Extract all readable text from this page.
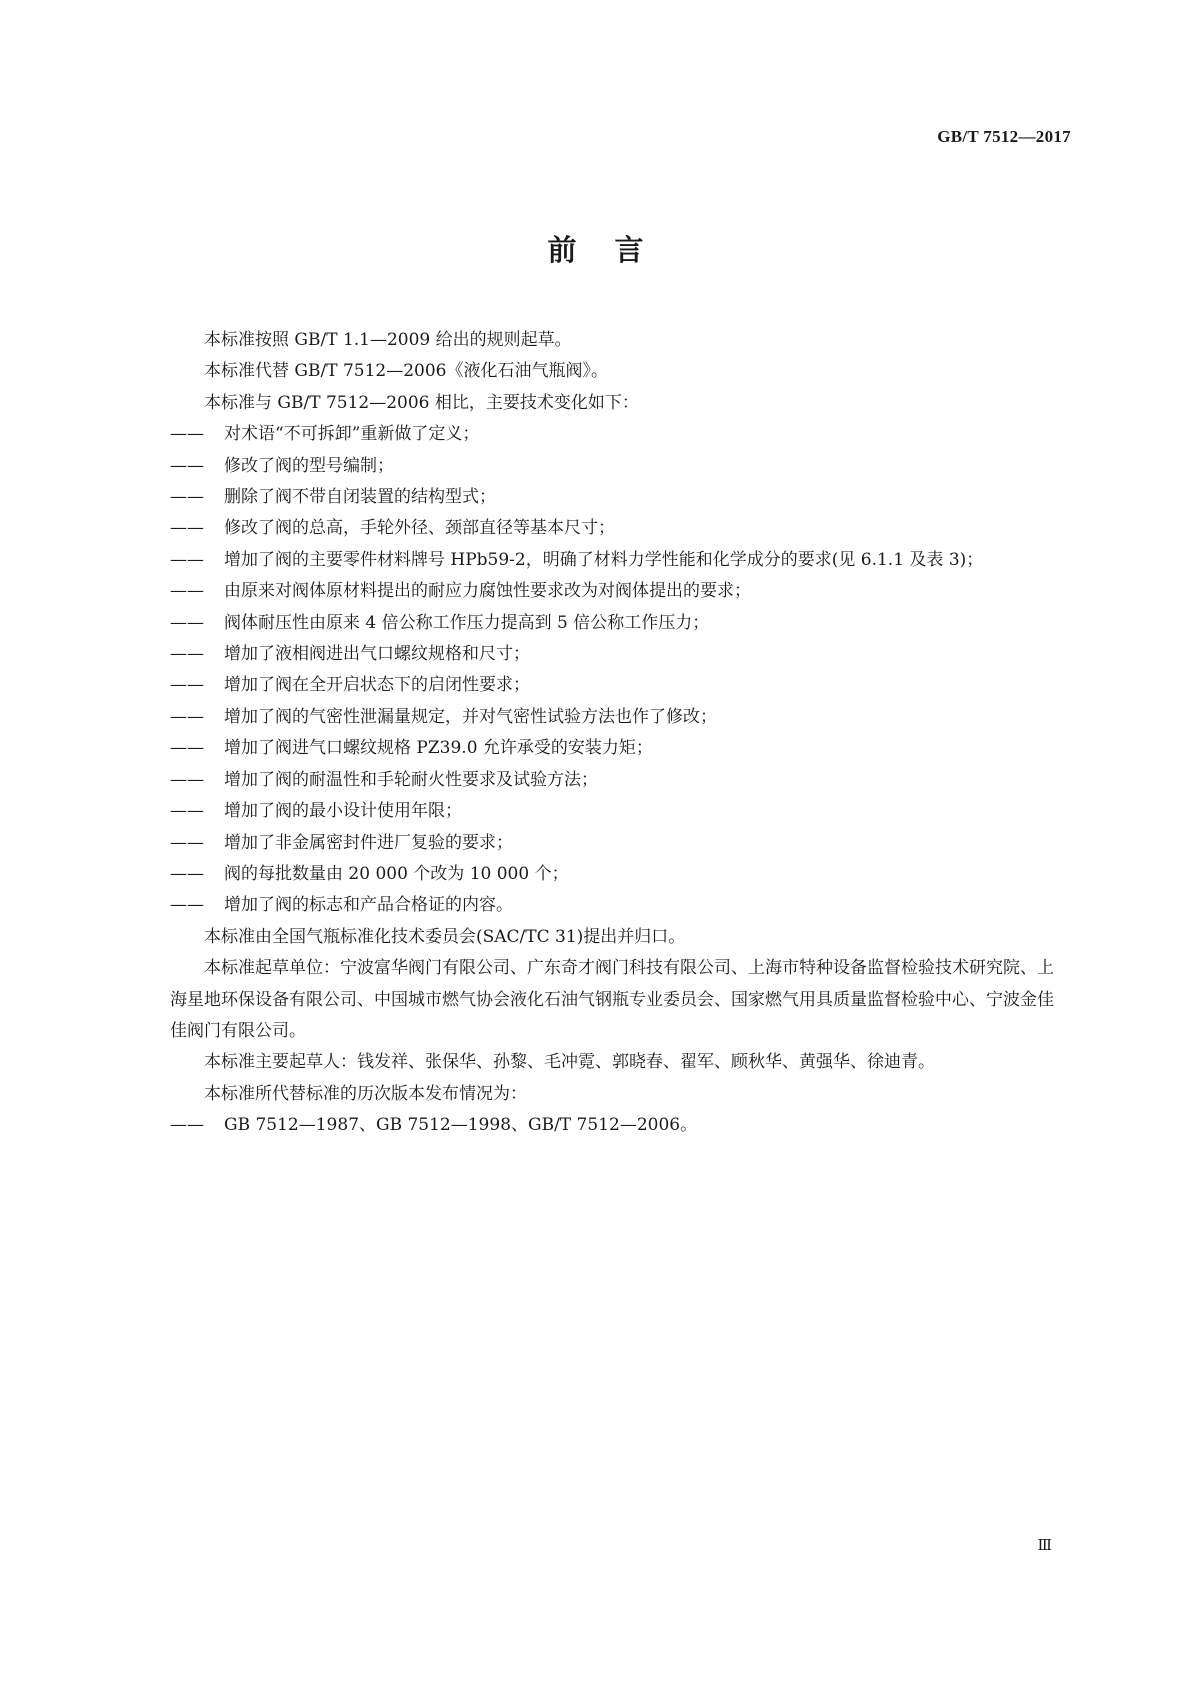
GB/T 7512—2017
前言

本标准按照 GB/T 1.1—2009 给出的规则起草。

本标准代替 GB/T 7512—2006《液化石油气瓶阀》。

本标准与 GB/T 7512—2006 相比，主要技术变化如下：

—— 对术语“不可拆卸”重新做了定义；
—— 修改了阀的型号编制；
—— 删除了阀不带自闭装置的结构型式；
—— 修改了阀的总高，手轮外径、颈部直径等基本尺寸；
—— 增加了阀的主要零件材料牌号 HPb59-2，明确了材料力学性能和化学成分的要求(见 6.1.1 及表 3)；
—— 由原来对阀体原材料提出的耐应力腐蚀性要求改为对阀体提出的要求；
—— 阀体耐压性由原来 4 倍公称工作压力提高到 5 倍公称工作压力；
—— 增加了液相阀进出气口螺纹规格和尺寸；
—— 增加了阀在全开启状态下的启闭性要求；
—— 增加了阀的气密性泄漏量规定，并对气密性试验方法也作了修改；
—— 增加了阀进气口螺纹规格 PZ39.0 允许承受的安装力矩；
—— 增加了阀的耐温性和手轮耐火性要求及试验方法；
—— 增加了阀的最小设计使用年限；
—— 增加了非金属密封件进厂复验的要求；
—— 阀的每批数量由 20 000 个改为 10 000 个；
—— 增加了阀的标志和产品合格证的内容。

本标准由全国气瓶标准化技术委员会(SAC/TC 31)提出并归口。

本标准起草单位：宁波富华阀门有限公司、广东奇才阀门科技有限公司、上海市特种设备监督检验技术研究院、上海星地环保设备有限公司、中国城市燃气协会液化石油气钢瓶专业委员会、国家燃气用具质量监督检验中心、宁波金佳佳阀门有限公司。

本标准主要起草人：钱发祥、张保华、孙黎、毛冲霓、郭晓春、翟军、顾秋华、黄强华、徐迪青。

本标准所代替标准的历次版本发布情况为：

—— GB 7512—1987、GB 7512—1998、GB/T 7512—2006。
Ⅲ
